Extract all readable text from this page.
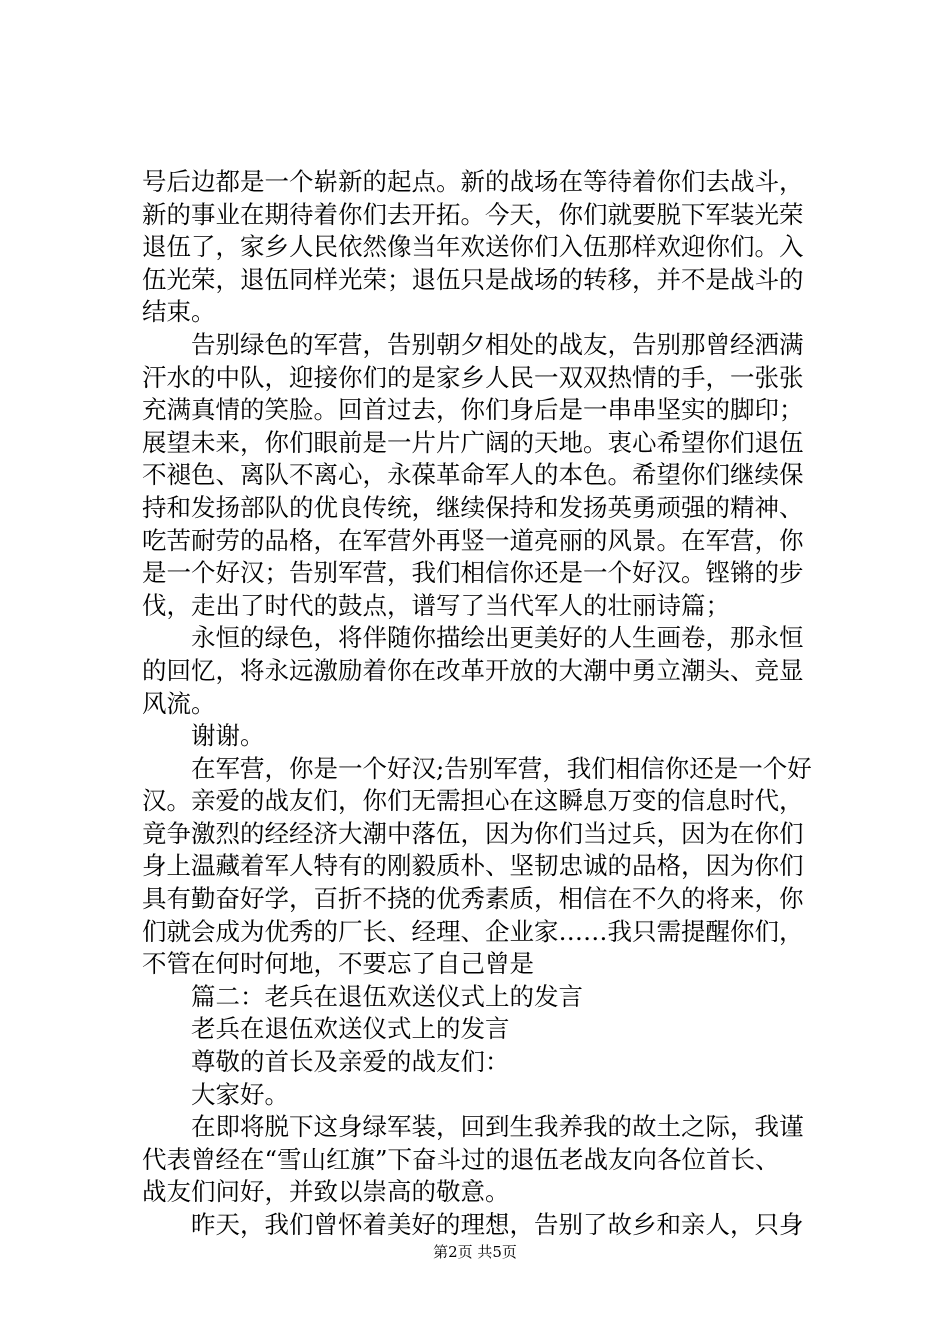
号后边都是一个崭新的起点。新的战场在等待着你们去战斗，
新的事业在期待着你们去开拓。今天，你们就要脱下军装光荣
退伍了，家乡人民依然像当年欢送你们入伍那样欢迎你们。入
伍光荣，退伍同样光荣；退伍只是战场的转移，并不是战斗的
结束。
告别绿色的军营，告别朝夕相处的战友，告别那曾经洒满
汗水的中队，迎接你们的是家乡人民一双双热情的手，一张张
充满真情的笑脸。回首过去，你们身后是一串串坚实的脚印；
展望未来，你们眼前是一片片广阔的天地。衷心希望你们退伍
不褪色、离队不离心，永葆革命军人的本色。希望你们继续保
持和发扬部队的优良传统，继续保持和发扬英勇顽强的精神、
吃苦耐劳的品格，在军营外再竖一道亮丽的风景。在军营，你
是一个好汉；告别军营，我们相信你还是一个好汉。铿锵的步
伐，走出了时代的鼓点，谱写了当代军人的壮丽诗篇；
永恒的绿色，将伴随你描绘出更美好的人生画卷，那永恒
的回忆，将永远激励着你在改革开放的大潮中勇立潮头、竞显
风流。
谢谢。
在军营，你是一个好汉;告别军营，我们相信你还是一个好
汉。亲爱的战友们，你们无需担心在这瞬息万变的信息时代，
竟争激烈的经经济大潮中落伍，因为你们当过兵，因为在你们
身上温藏着军人特有的刚毅质朴、坚韧忠诚的品格，因为你们
具有勤奋好学，百折不挠的优秀素质，相信在不久的将来，你
们就会成为优秀的厂长、经理、企业家……我只需提醒你们，
不管在何时何地，不要忘了自己曾是
篇二：老兵在退伍欢送仪式上的发言
老兵在退伍欢送仪式上的发言
尊敬的首长及亲爱的战友们：
大家好。
在即将脱下这身绿军装，回到生我养我的故土之际，我谨
代表曾经在“雪山红旗”下奋斗过的退伍老战友向各位首长、
战友们问好，并致以崇高的敬意。
昨天，我们曾怀着美好的理想，告别了故乡和亲人，只身
第2页 共5页
